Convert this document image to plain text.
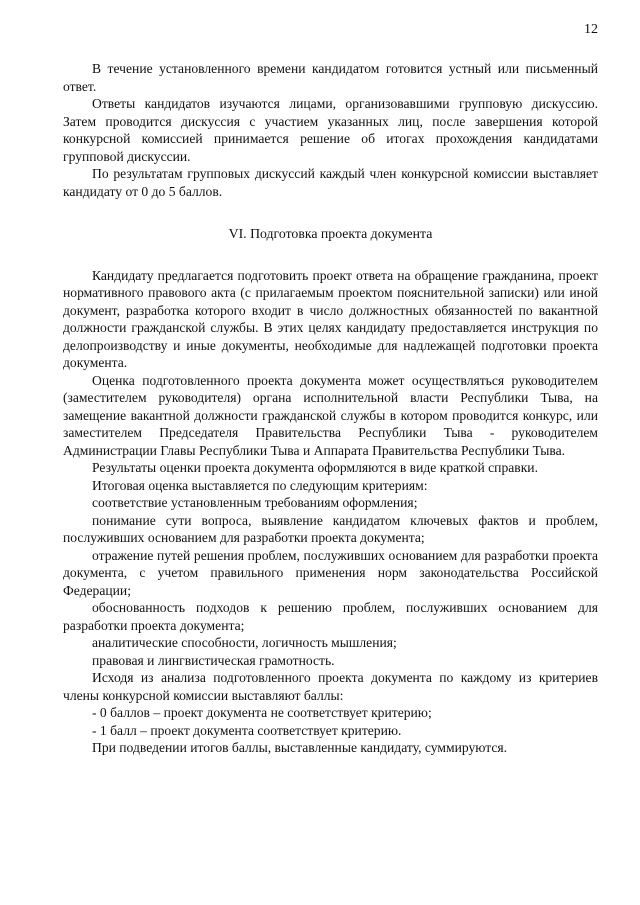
12

В течение установленного времени кандидатом готовится устный или письменный ответ.

Ответы кандидатов изучаются лицами, организовавшими групповую дискуссию. Затем проводится дискуссия с участием указанных лиц, после завершения которой конкурсной комиссией принимается решение об итогах прохождения кандидатами групповой дискуссии.

По результатам групповых дискуссий каждый член конкурсной комиссии выставляет кандидату от 0 до 5 баллов.

VI. Подготовка проекта документа

Кандидату предлагается подготовить проект ответа на обращение гражданина, проект нормативного правового акта (с прилагаемым проектом пояснительной записки) или иной документ, разработка которого входит в число должностных обязанностей по вакантной должности гражданской службы. В этих целях кандидату предоставляется инструкция по делопроизводству и иные документы, необходимые для надлежащей подготовки проекта документа.

Оценка подготовленного проекта документа может осуществляться руководителем (заместителем руководителя) органа исполнительной власти Республики Тыва, на замещение вакантной должности гражданской службы в котором проводится конкурс, или заместителем Председателя Правительства Республики Тыва - руководителем Администрации Главы Республики Тыва и Аппарата Правительства Республики Тыва.

Результаты оценки проекта документа оформляются в виде краткой справки.

Итоговая оценка выставляется по следующим критериям:

соответствие установленным требованиям оформления;

понимание сути вопроса, выявление кандидатом ключевых фактов и проблем, послуживших основанием для разработки проекта документа;

отражение путей решения проблем, послуживших основанием для разработки проекта документа, с учетом правильного применения норм законодательства Российской Федерации;

обоснованность подходов к решению проблем, послуживших основанием для разработки проекта документа;

аналитические способности, логичность мышления;

правовая и лингвистическая грамотность.

Исходя из анализа подготовленного проекта документа по каждому из критериев члены конкурсной комиссии выставляют баллы:

- 0 баллов – проект документа не соответствует критерию;

- 1 балл – проект документа соответствует критерию.

При подведении итогов баллы, выставленные кандидату, суммируются.
